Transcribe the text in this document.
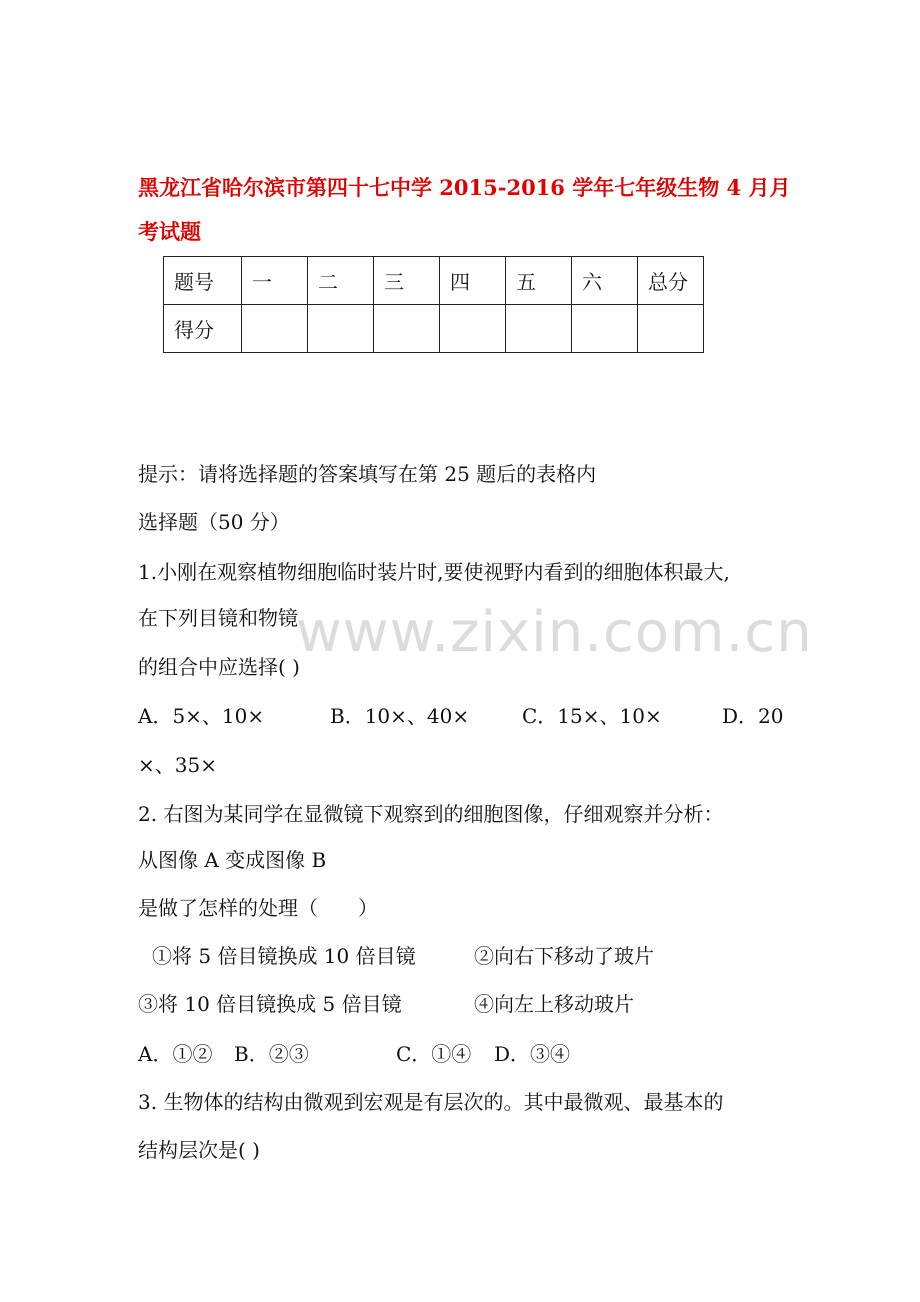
黑龙江省哈尔滨市第四十七中学 2015-2016 学年七年级生物 4 月月考试题

题号	一	二	三	四	五	六	总分
得分							
www.zixin.com.cn

提示：请将选择题的答案填写在第 25 题后的表格内

选择题（50 分）

1.小刚在观察植物细胞临时装片时,要使视野内看到的细胞体积最大,

在下列目镜和物镜

的组合中应选择( )

A．5×、10×	B．10×、40×	C．15×、10×	D．20

×、35×

2. 右图为某同学在显微镜下观察到的细胞图像，仔细观察并分析：

从图像 A 变成图像 B

是做了怎样的处理（　　）

①将 5 倍目镜换成 10 倍目镜	②向右下移动了玻片
③将 10 倍目镜换成 5 倍目镜	④向左上移动玻片
A．①② B．②③	C．①④ D．③④

3. 生物体的结构由微观到宏观是有层次的。其中最微观、最基本的

结构层次是( )
